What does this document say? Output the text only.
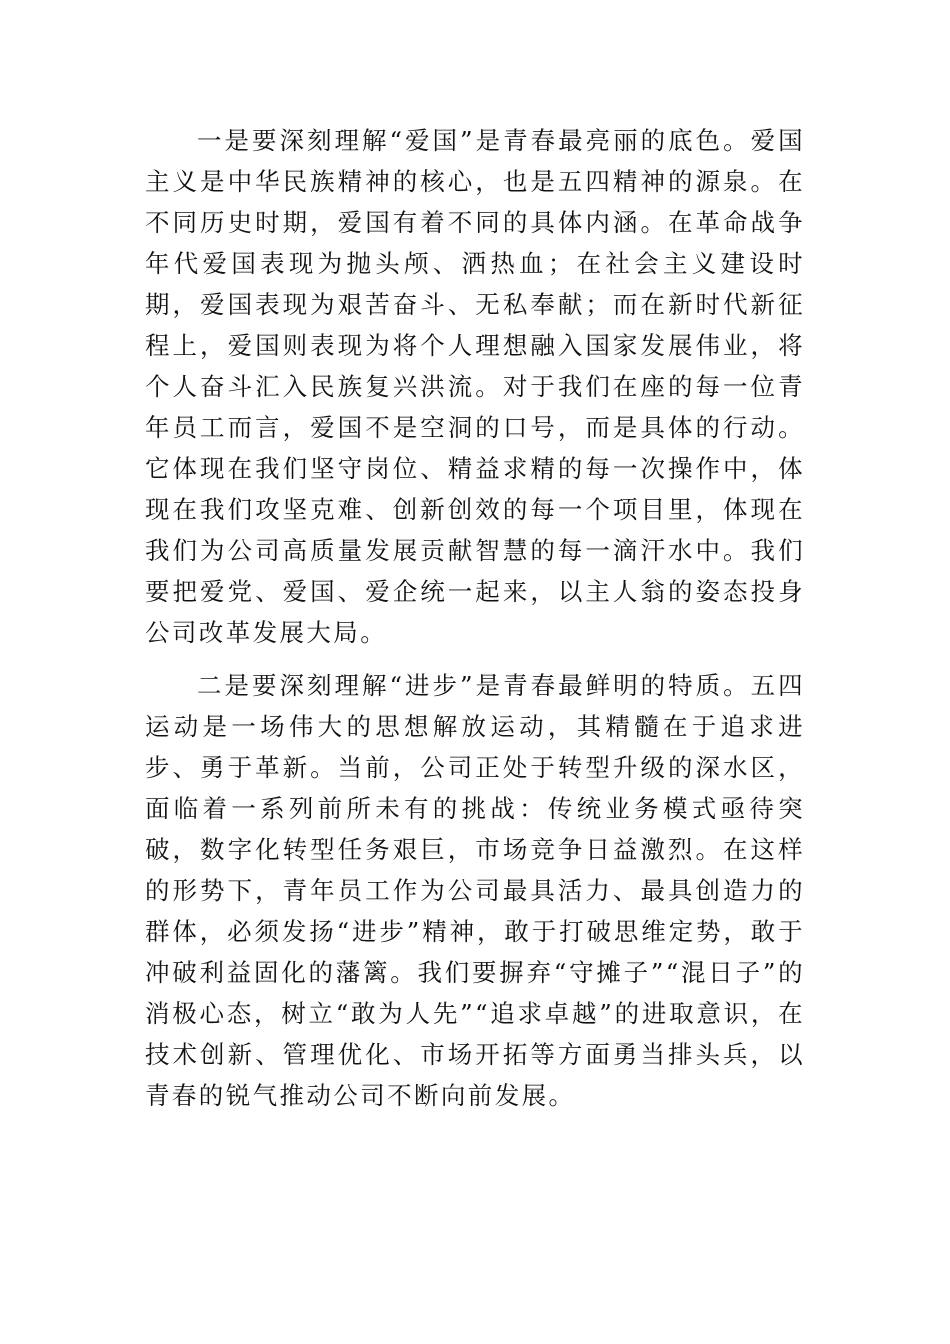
一是要深刻理解“爱国”是青春最亮丽的底色。爱国主义是中华民族精神的核心，也是五四精神的源泉。在不同历史时期，爱国有着不同的具体内涵。在革命战争年代爱国表现为抛头颅、洒热血；在社会主义建设时期，爱国表现为艰苦奋斗、无私奉献；而在新时代新征程上，爱国则表现为将个人理想融入国家发展伟业，将个人奋斗汇入民族复兴洪流。对于我们在座的每一位青年员工而言，爱国不是空洞的口号，而是具体的行动。它体现在我们坚守岗位、精益求精的每一次操作中，体现在我们攻坚克难、创新创效的每一个项目里，体现在我们为公司高质量发展贡献智慧的每一滴汗水中。我们要把爱党、爱国、爱企统一起来，以主人翁的姿态投身公司改革发展大局。

二是要深刻理解“进步”是青春最鲜明的特质。五四运动是一场伟大的思想解放运动，其精髓在于追求进步、勇于革新。当前，公司正处于转型升级的深水区，面临着一系列前所未有的挑战：传统业务模式亟待突破，数字化转型任务艰巨，市场竞争日益激烈。在这样的形势下，青年员工作为公司最具活力、最具创造力的群体，必须发扬“进步”精神，敢于打破思维定势，敢于冲破利益固化的藩篱。我们要摒弃“守摊子”“混日子”的消极心态，树立“敢为人先”“追求卓越”的进取意识，在技术创新、管理优化、市场开拓等方面勇当排头兵，以青春的锐气推动公司不断向前发展。
